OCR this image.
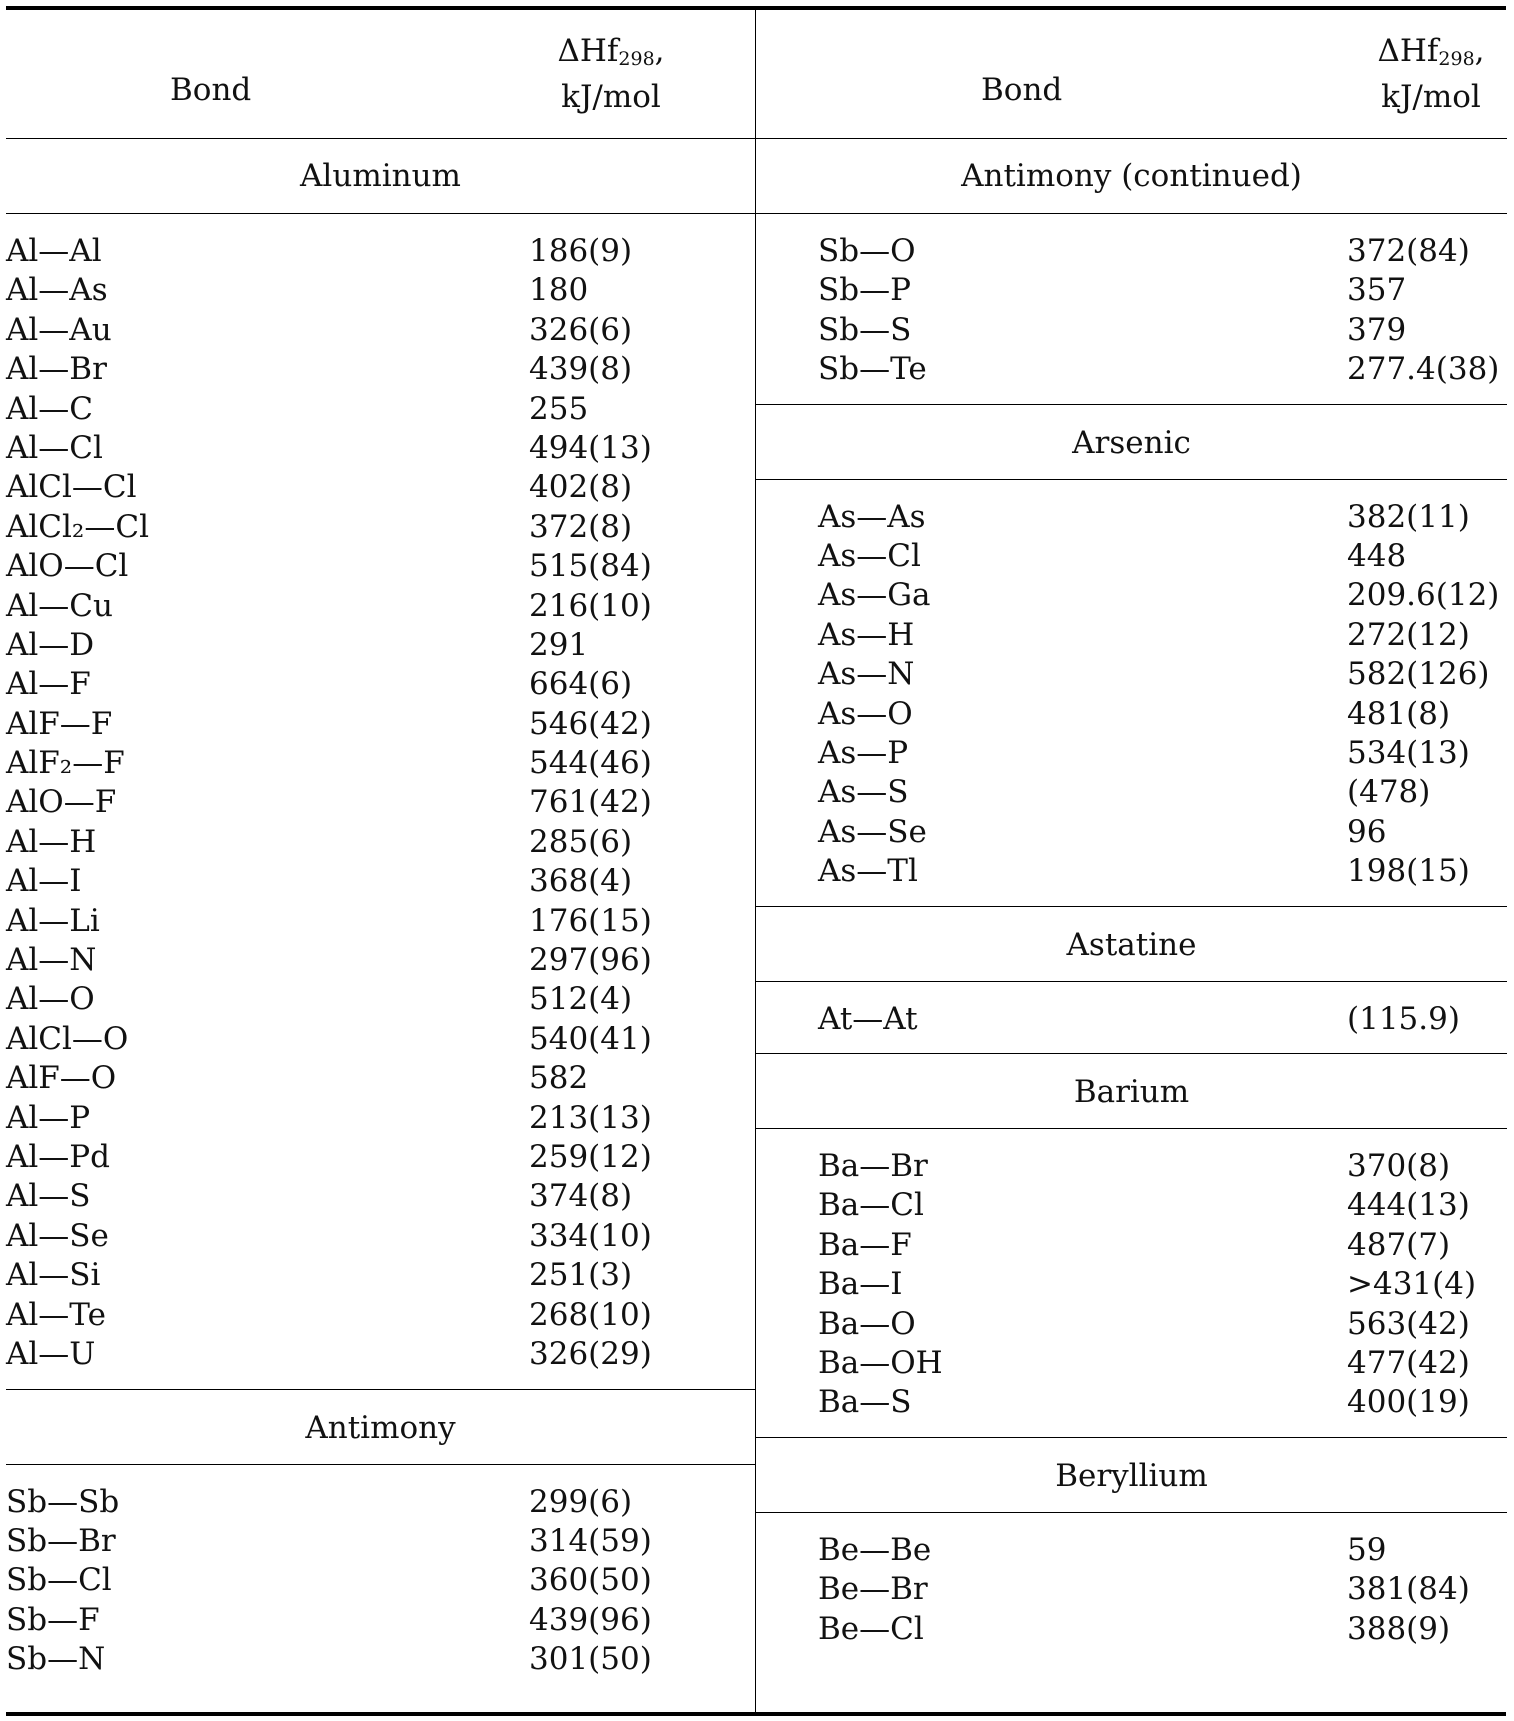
Bond
ΔHf$_{298}$,
kJ/mol
Aluminum
Al—Al	186(9)
Al—As	180
Al—Au	326(6)
Al—Br	439(8)
Al—C	255
Al—Cl	494(13)
AlCl—Cl	402(8)
AlCl₂—Cl	372(8)
AlO—Cl	515(84)
Al—Cu	216(10)
Al—D	291
Al—F	664(6)
AlF—F	546(42)
AlF₂—F	544(46)
AlO—F	761(42)
Al—H	285(6)
Al—I	368(4)
Al—Li	176(15)
Al—N	297(96)
Al—O	512(4)
AlCl—O	540(41)
AlF—O	582
Al—P	213(13)
Al—Pd	259(12)
Al—S	374(8)
Al—Se	334(10)
Al—Si	251(3)
Al—Te	268(10)
Al—U	326(29)
Antimony
Sb—Sb	299(6)
Sb—Br	314(59)
Sb—Cl	360(50)
Sb—F	439(96)
Sb—N	301(50)
Bond
ΔHf$_{298}$,
kJ/mol
Antimony (continued)
Sb—O	372(84)
Sb—P	357
Sb—S	379
Sb—Te	277.4(38)
Arsenic
As—As	382(11)
As—Cl	448
As—Ga	209.6(12)
As—H	272(12)
As—N	582(126)
As—O	481(8)
As—P	534(13)
As—S	(478)
As—Se	96
As—Tl	198(15)
Astatine
At—At	(115.9)
Barium
Ba—Br	370(8)
Ba—Cl	444(13)
Ba—F	487(7)
Ba—I	>431(4)
Ba—O	563(42)
Ba—OH	477(42)
Ba—S	400(19)
Beryllium
Be—Be	59
Be—Br	381(84)
Be—Cl	388(9)
